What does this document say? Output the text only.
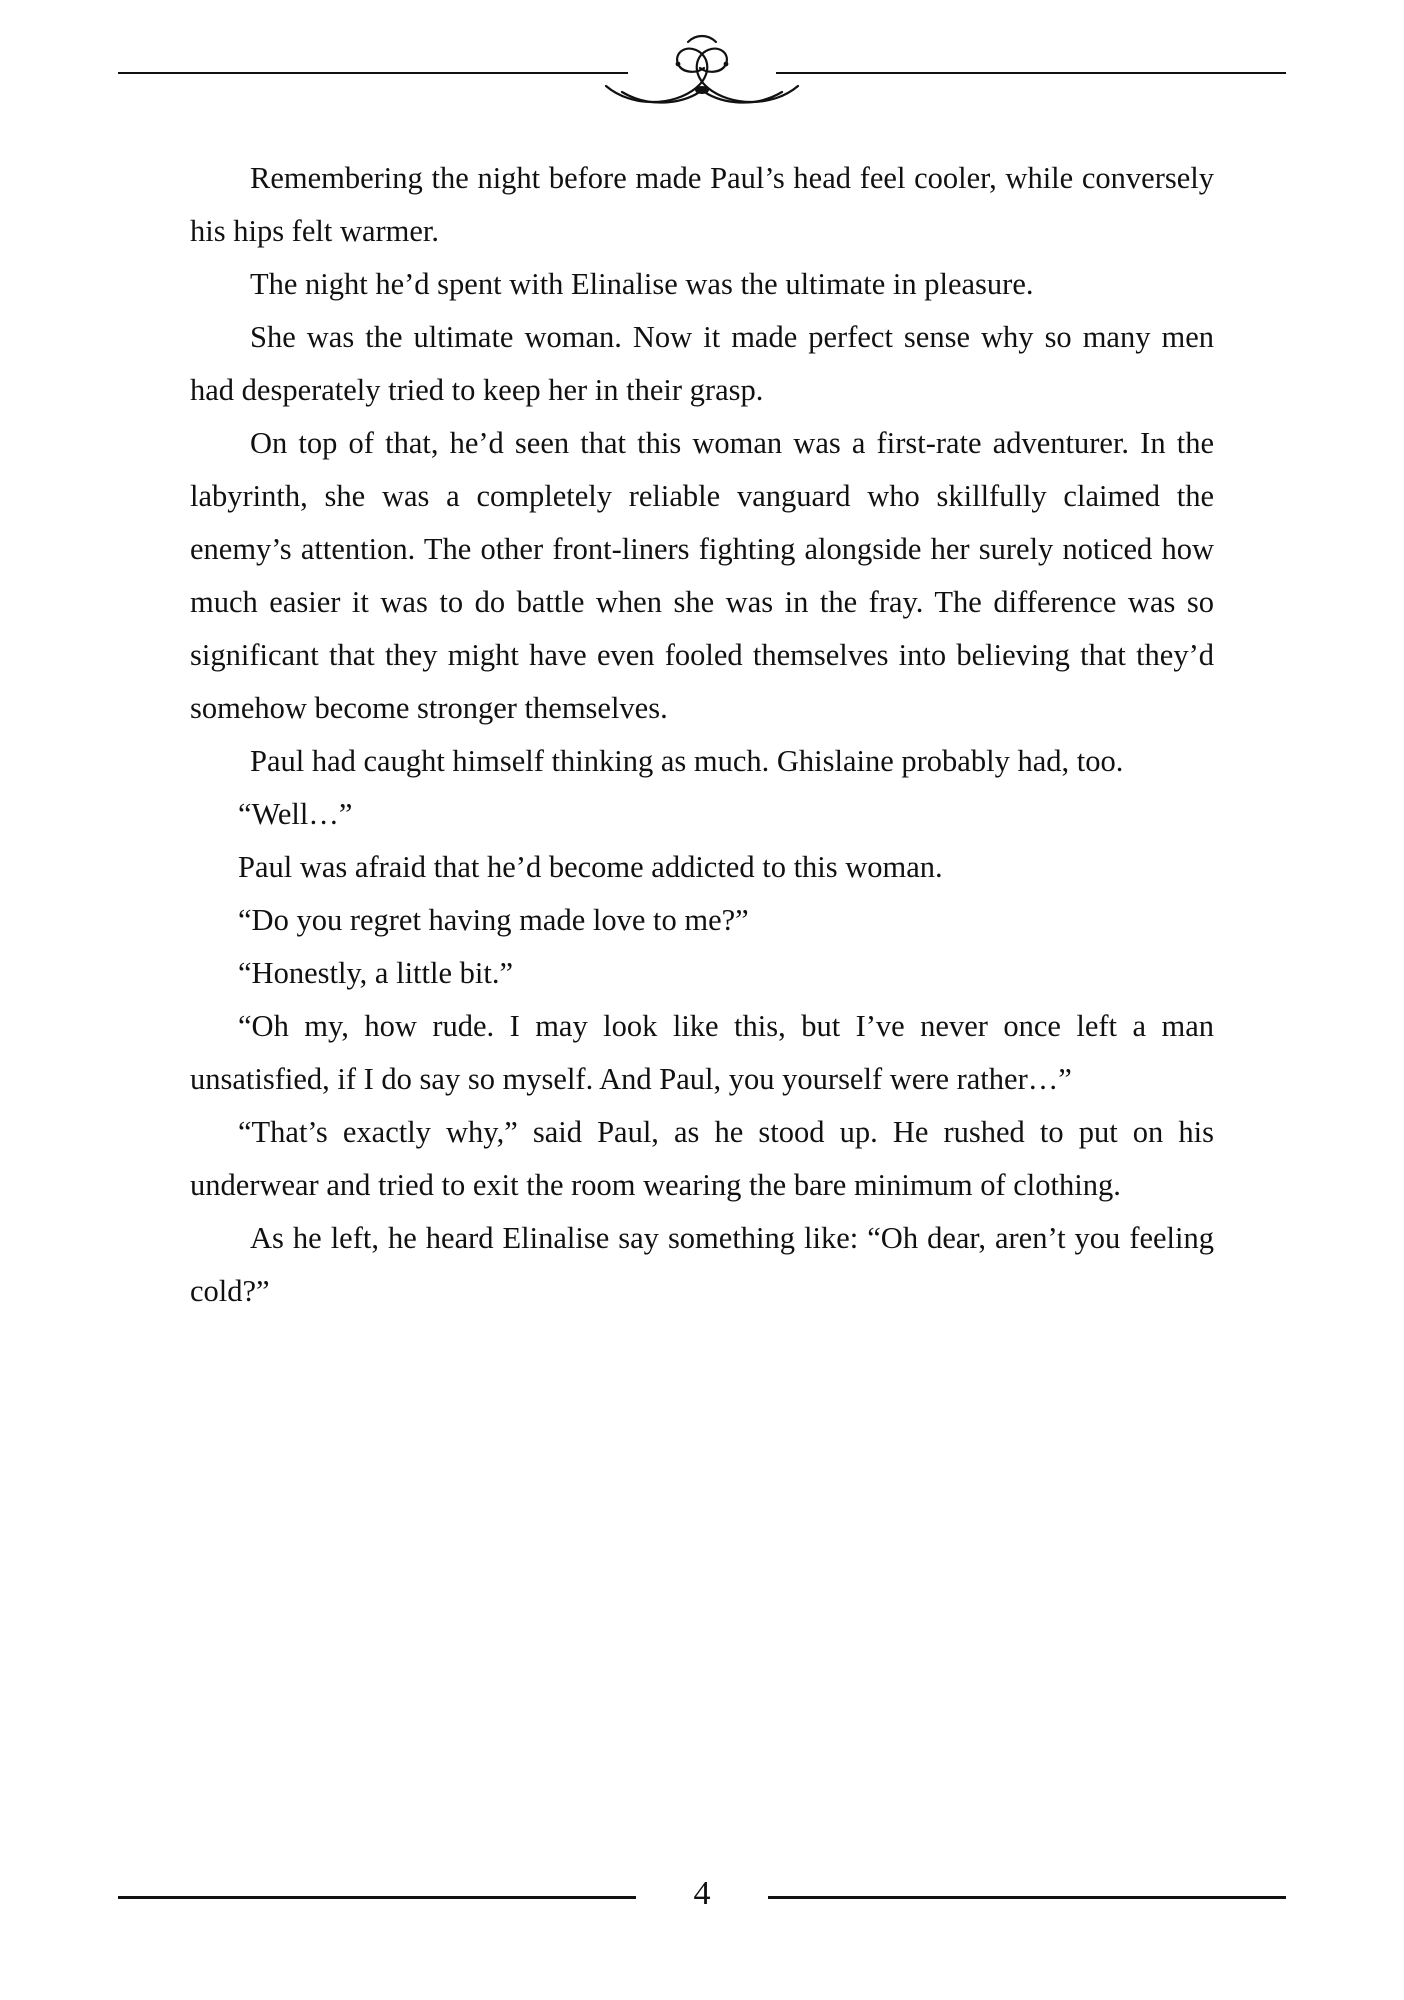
Remembering the night before made Paul’s head feel cooler, while conversely his hips felt warmer.

The night he’d spent with Elinalise was the ultimate in pleasure.

She was the ultimate woman. Now it made perfect sense why so many men had desperately tried to keep her in their grasp.

On top of that, he’d seen that this woman was a first-rate adventurer. In the labyrinth, she was a completely reliable vanguard who skillfully claimed the enemy’s attention. The other front-liners fighting alongside her surely noticed how much easier it was to do battle when she was in the fray. The difference was so significant that they might have even fooled themselves into believing that they’d somehow become stronger themselves.

Paul had caught himself thinking as much. Ghislaine probably had, too.

“Well…”

Paul was afraid that he’d become addicted to this woman.

“Do you regret having made love to me?”

“Honestly, a little bit.”

“Oh my, how rude. I may look like this, but I’ve never once left a man unsatisfied, if I do say so myself. And Paul, you yourself were rather…”

“That’s exactly why,” said Paul, as he stood up. He rushed to put on his underwear and tried to exit the room wearing the bare minimum of clothing.

As he left, he heard Elinalise say something like: “Oh dear, aren’t you feeling cold?”

4
